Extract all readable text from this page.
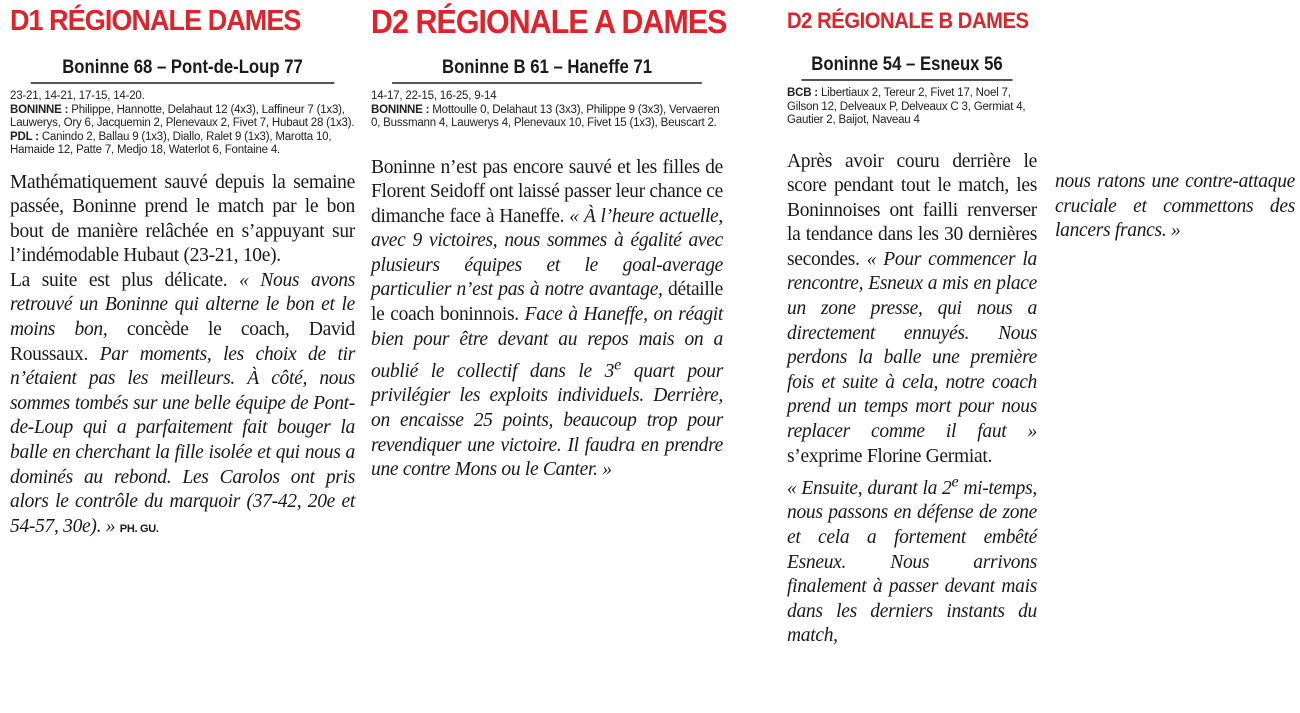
D1 RÉGIONALE DAMES
Boninne 68 – Pont-de-Loup 77
23-21, 14-21, 17-15, 14-20.
BONINNE : Philippe, Hannotte, Delahaut 12 (4x3), Laffineur 7 (1x3), Lauwerys, Ory 6, Jacquemin 2, Plenevaux 2, Fivet 7, Hubaut 28 (1x3).
PDL : Canindo 2, Ballau 9 (1x3), Diallo, Ralet 9 (1x3), Marotta 10, Hamaide 12, Patte 7, Medjo 18, Waterlot 6, Fontaine 4.

Mathématiquement sauvé depuis la semaine passée, Boninne prend le match par le bon bout de manière relâchée en s’appuyant sur l’indémodable Hubaut (23-21, 10e).

La suite est plus délicate. « Nous avons retrouvé un Boninne qui alterne le bon et le moins bon, concède le coach, David Roussaux. Par moments, les choix de tir n’étaient pas les meilleurs. À côté, nous sommes tombés sur une belle équipe de Pont-de-Loup qui a parfaitement fait bouger la balle en cherchant la fille isolée et qui nous a dominés au rebond. Les Carolos ont pris alors le contrôle du marquoir (37-42, 20e et 54-57, 30e). » PH. GU.

D2 RÉGIONALE A DAMES
Boninne B 61 – Haneffe 71
14-17, 22-15, 16-25, 9-14
BONINNE : Mottoulle 0, Delahaut 13 (3x3), Philippe 9 (3x3), Vervaeren 0, Bussmann 4, Lauwerys 4, Plenevaux 10, Fivet 15 (1x3), Beuscart 2.

Boninne n’est pas encore sauvé et les filles de Florent Seidoff ont laissé passer leur chance ce dimanche face à Haneffe. « À l’heure actuelle, avec 9 victoires, nous sommes à égalité avec plusieurs équipes et le goal-average particulier n’est pas à notre avantage, détaille le coach boninnois. Face à Haneffe, on réagit bien pour être devant au repos mais on a oublié le collectif dans le 3e quart pour privilégier les exploits individuels. Derrière, on encaisse 25 points, beaucoup trop pour revendiquer une victoire. Il faudra en prendre une contre Mons ou le Canter. »

D2 RÉGIONALE B DAMES
Boninne 54 – Esneux 56
BCB : Libertiaux 2, Tereur 2, Fivet 17, Noel 7, Gilson 12, Delveaux P, Delveaux C 3, Germiat 4, Gautier 2, Baijot, Naveau 4

Après avoir couru derrière le score pendant tout le match, les Boninnoises ont failli renverser la tendance dans les 30 dernières secondes. « Pour commencer la rencontre, Esneux a mis en place un zone presse, qui nous a directement ennuyés. Nous perdons la balle une première fois et suite à cela, notre coach prend un temps mort pour nous replacer comme il faut » s’exprime Florine Germiat.

« Ensuite, durant la 2e mi-temps, nous passons en défense de zone et cela a fortement embêté Esneux. Nous arrivons finalement à passer devant mais dans les derniers instants du match,

nous ratons une contre-attaque cruciale et commettons des lancers francs. »
